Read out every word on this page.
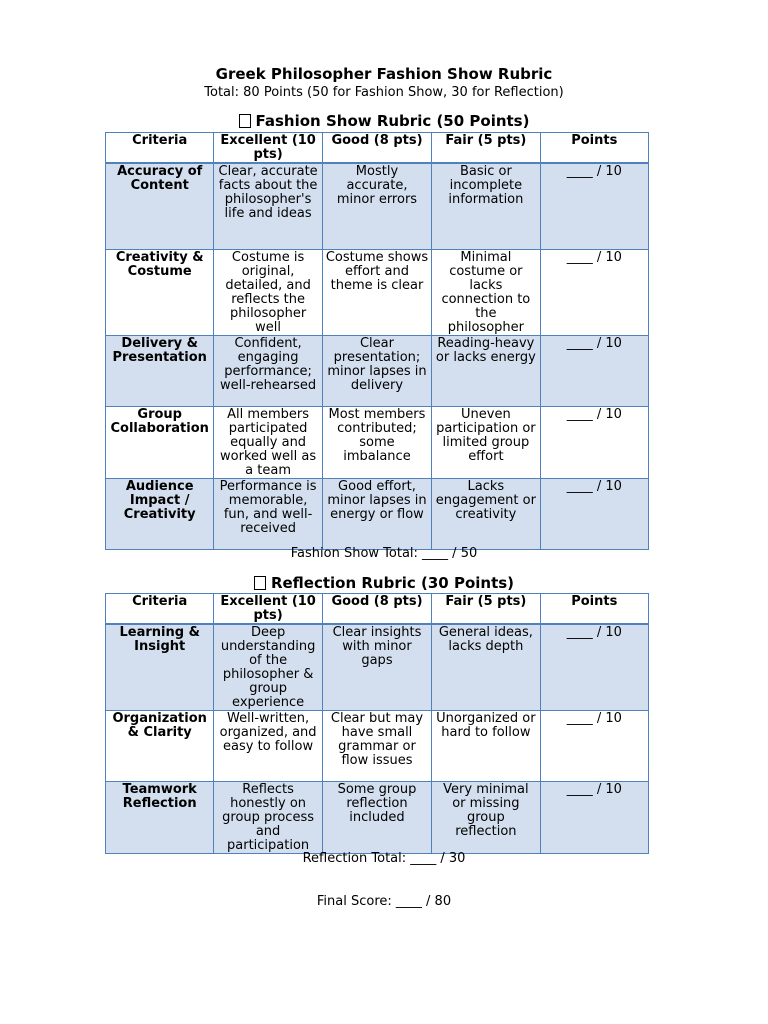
Greek Philosopher Fashion Show Rubric
Total: 80 Points (50 for Fashion Show, 30 for Reflection)
Fashion Show Rubric (50 Points)
Criteria	Excellent (10 pts)	Good (8 pts)	Fair (5 pts)	Points
Accuracy of Content	Clear, accurate facts about the philosopher's life and ideas	Mostly accurate, minor errors	Basic or incomplete information	____ / 10
Creativity & Costume	Costume is original, detailed, and reflects the philosopher well	Costume shows effort and theme is clear	Minimal costume or lacks connection to the philosopher	____ / 10
Delivery & Presentation	Confident, engaging performance; well-rehearsed	Clear presentation; minor lapses in delivery	Reading-heavy or lacks energy	____ / 10
Group Collaboration	All members participated equally and worked well as a team	Most members contributed; some imbalance	Uneven participation or limited group effort	____ / 10
Audience Impact / Creativity	Performance is memorable, fun, and well-received	Good effort, minor lapses in energy or flow	Lacks engagement or creativity	____ / 10
Fashion Show Total: ____ / 50
Reflection Rubric (30 Points)
Criteria	Excellent (10 pts)	Good (8 pts)	Fair (5 pts)	Points
Learning & Insight	Deep understanding of the philosopher & group experience	Clear insights with minor gaps	General ideas, lacks depth	____ / 10
Organization & Clarity	Well-written, organized, and easy to follow	Clear but may have small grammar or flow issues	Unorganized or hard to follow	____ / 10
Teamwork Reflection	Reflects honestly on group process and participation	Some group reflection included	Very minimal or missing group reflection	____ / 10
Reflection Total: ____ / 30
Final Score: ____ / 80
